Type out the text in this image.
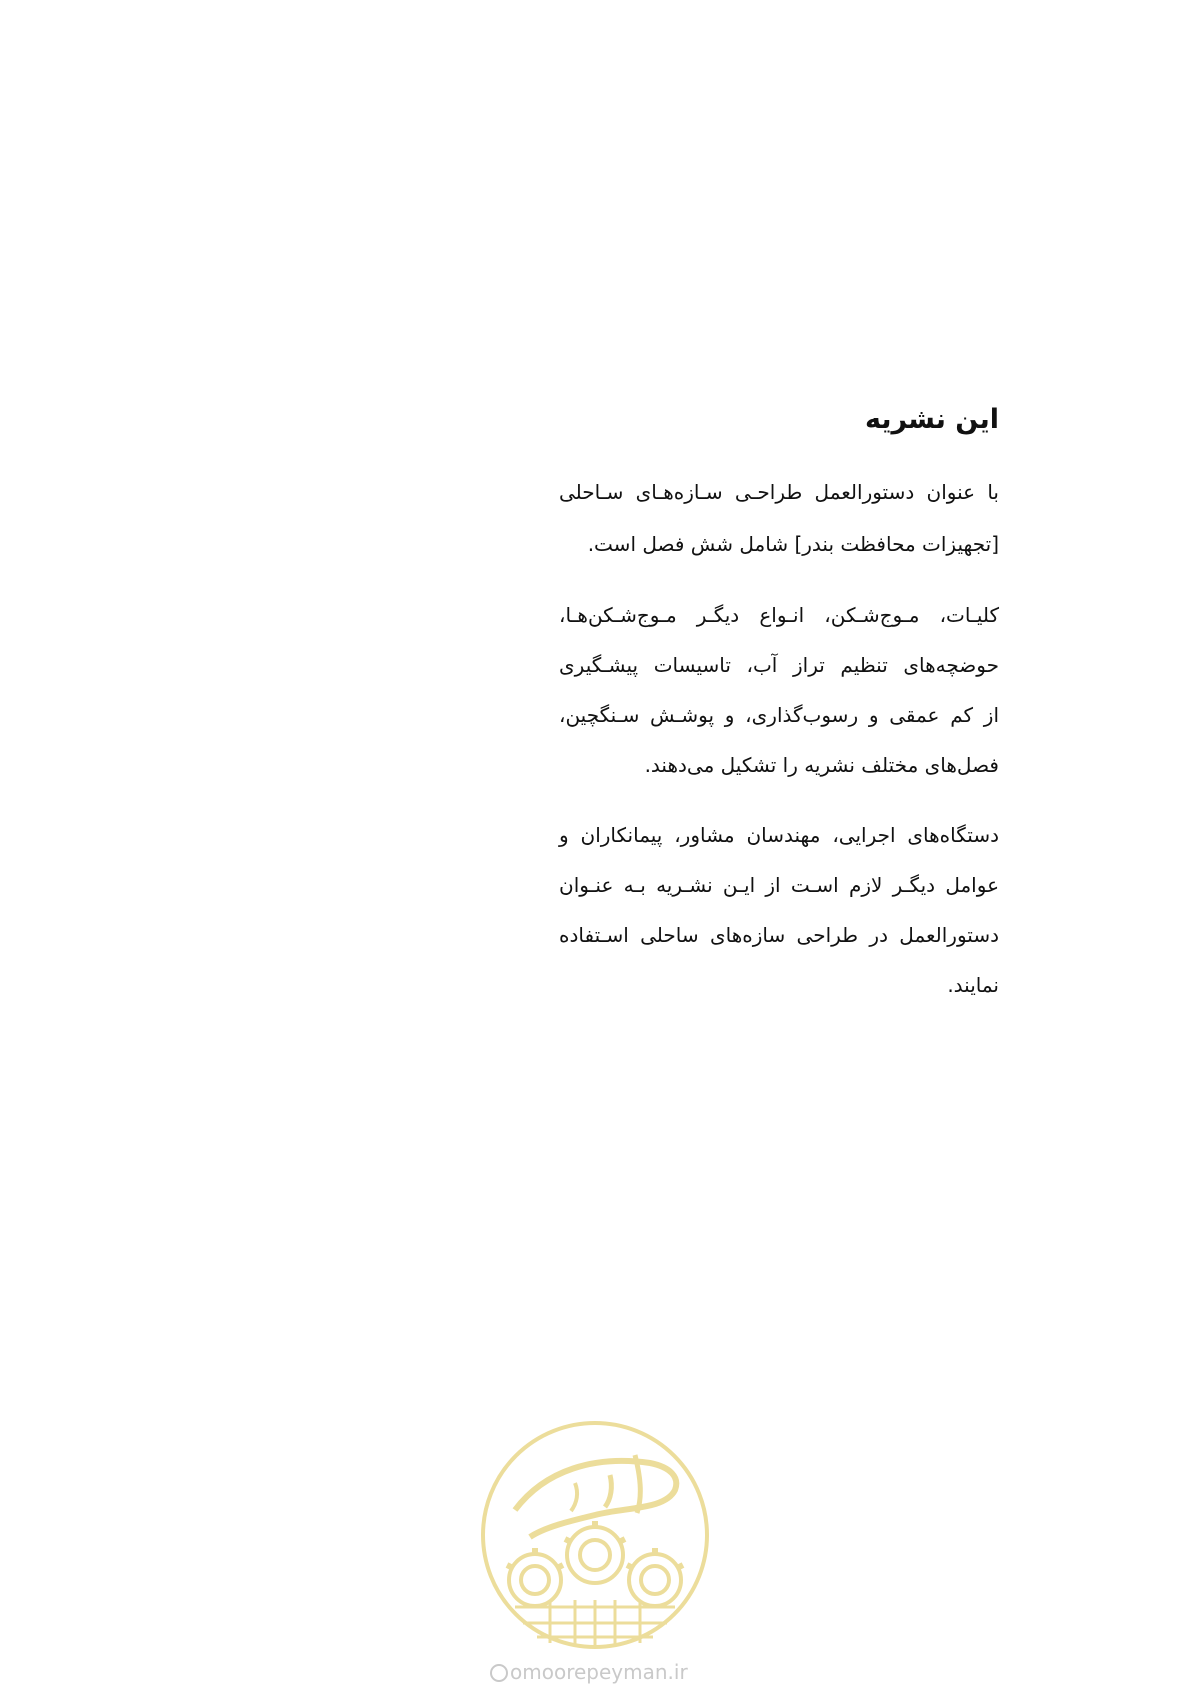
این نشریه
با عنوان دستورالعمل طراحـی سـازه‌هـای سـاحلی
[تجهیزات محافظت بندر] شامل شش فصل است.
کلیـات، مـوج‌شـکن، انـواع دیگـر مـوج‌شـکن‌هـا،
حوضچه‌های تنظیم تراز آب، تاسیسات پیشـگیری
از کم عمقی و رسوب‌گذاری، و پوشـش سـنگچین،
فصل‌های مختلف نشریه را تشکیل می‌دهند.
دستگاه‌های اجرایی، مهندسان مشاور، پیمانکاران و
عوامل دیگـر لازم اسـت از ایـن نشـریه بـه عنـوان
دستورالعمل در طراحی سازه‌های ساحلی اسـتفاده
نمایند.
omoorepeyman.ir
